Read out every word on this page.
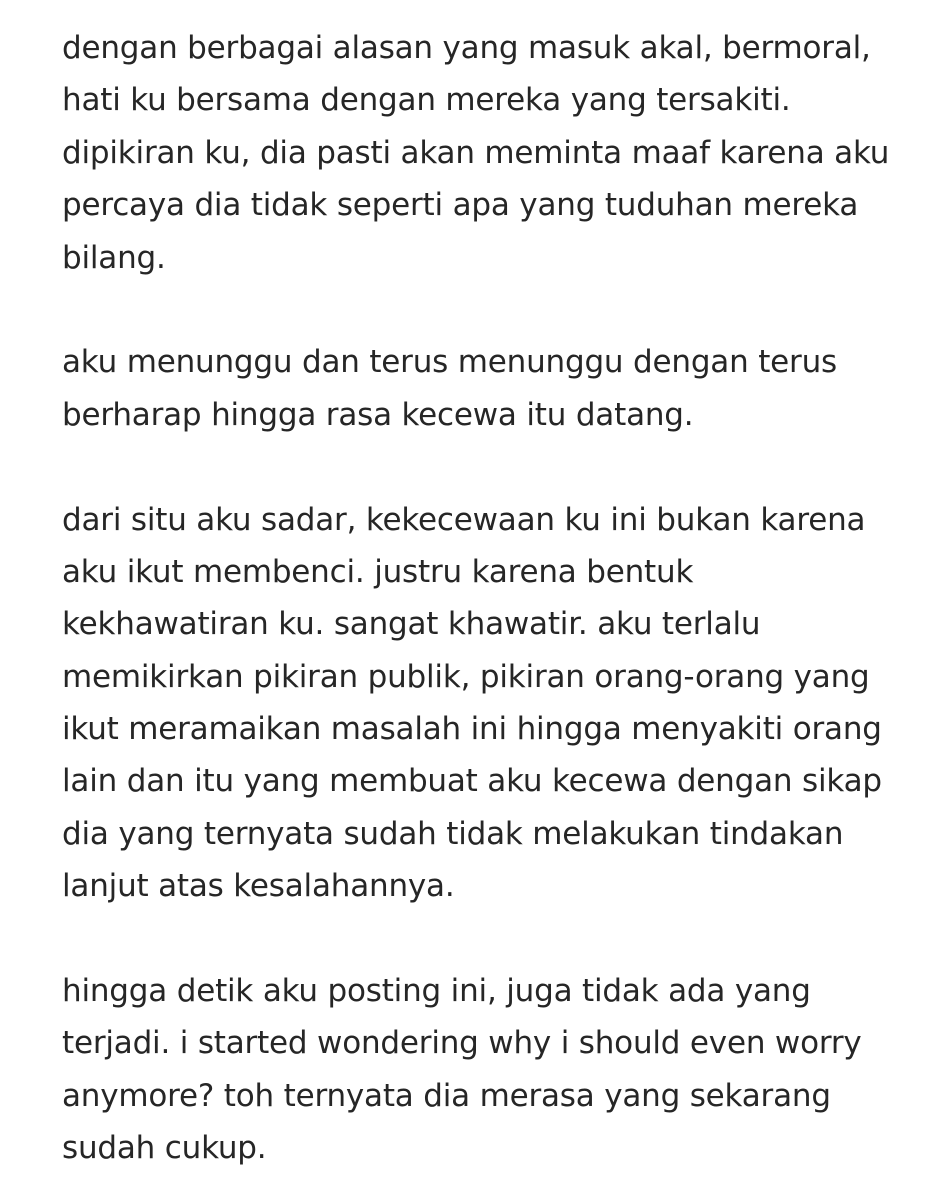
dengan berbagai alasan yang masuk akal, bermoral,
hati ku bersama dengan mereka yang tersakiti.
dipikiran ku, dia pasti akan meminta maaf karena aku
percaya dia tidak seperti apa yang tuduhan mereka
bilang.
aku menunggu dan terus menunggu dengan terus
berharap hingga rasa kecewa itu datang.
dari situ aku sadar, kekecewaan ku ini bukan karena
aku ikut membenci. justru karena bentuk
kekhawatiran ku. sangat khawatir. aku terlalu
memikirkan pikiran publik, pikiran orang-orang yang
ikut meramaikan masalah ini hingga menyakiti orang
lain dan itu yang membuat aku kecewa dengan sikap
dia yang ternyata sudah tidak melakukan tindakan
lanjut atas kesalahannya.
hingga detik aku posting ini, juga tidak ada yang
terjadi. i started wondering why i should even worry
anymore? toh ternyata dia merasa yang sekarang
sudah cukup.
